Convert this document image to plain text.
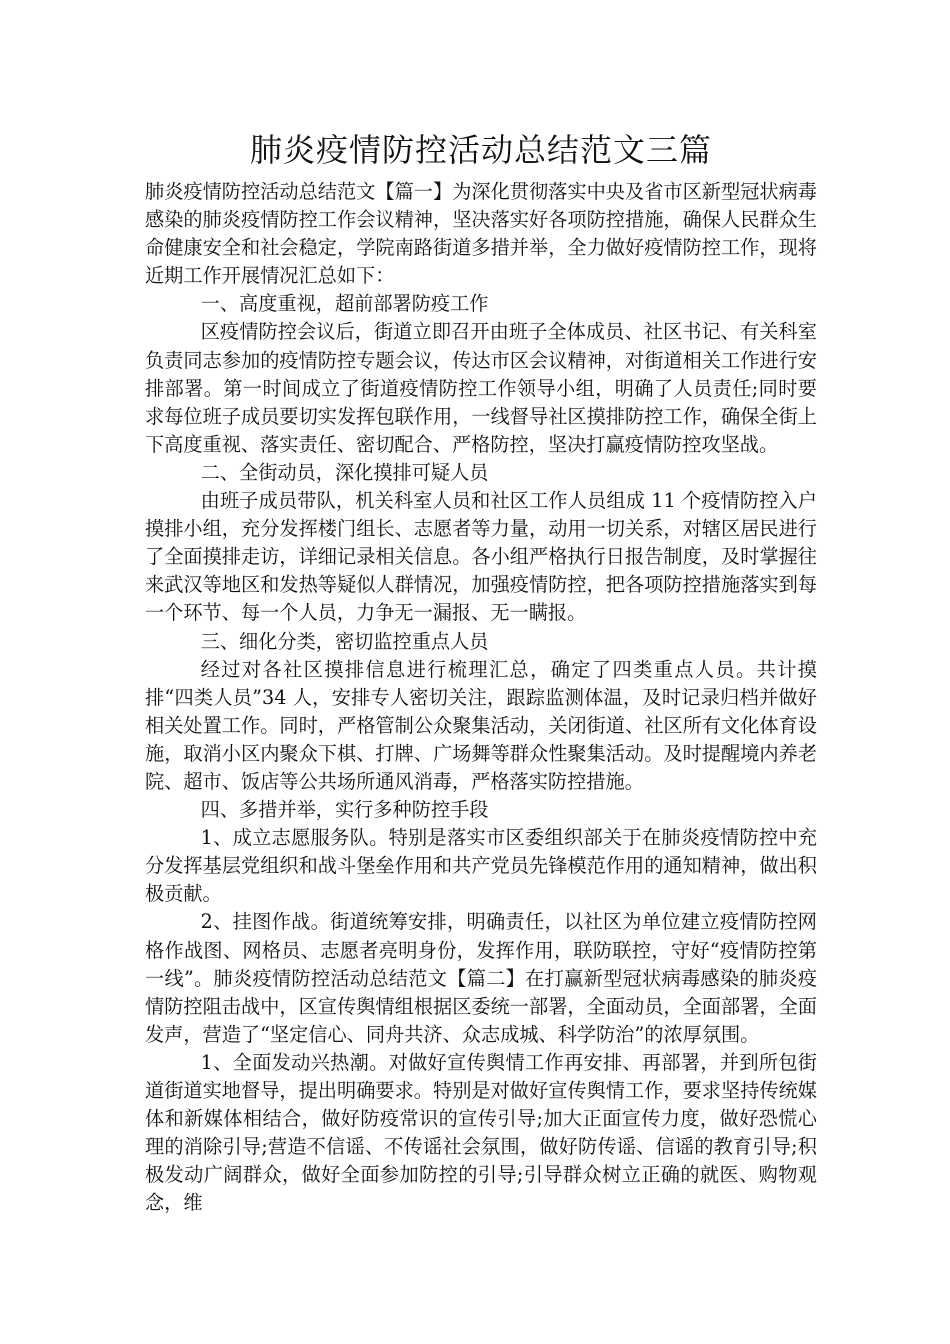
肺炎疫情防控活动总结范文三篇

肺炎疫情防控活动总结范文【篇一】为深化贯彻落实中央及省市区新型冠状病毒感染的肺炎疫情防控工作会议精神，坚决落实好各项防控措施，确保人民群众生命健康安全和社会稳定，学院南路街道多措并举，全力做好疫情防控工作，现将近期工作开展情况汇总如下：

一、高度重视，超前部署防疫工作

区疫情防控会议后，街道立即召开由班子全体成员、社区书记、有关科室负责同志参加的疫情防控专题会议，传达市区会议精神，对街道相关工作进行安排部署。第一时间成立了街道疫情防控工作领导小组，明确了人员责任;同时要求每位班子成员要切实发挥包联作用，一线督导社区摸排防控工作，确保全街上下高度重视、落实责任、密切配合、严格防控，坚决打赢疫情防控攻坚战。

二、全街动员，深化摸排可疑人员

由班子成员带队，机关科室人员和社区工作人员组成 11 个疫情防控入户摸排小组，充分发挥楼门组长、志愿者等力量，动用一切关系，对辖区居民进行了全面摸排走访，详细记录相关信息。各小组严格执行日报告制度，及时掌握往来武汉等地区和发热等疑似人群情况，加强疫情防控，把各项防控措施落实到每一个环节、每一个人员，力争无一漏报、无一瞒报。

三、细化分类，密切监控重点人员

经过对各社区摸排信息进行梳理汇总，确定了四类重点人员。共计摸排“四类人员”34 人，安排专人密切关注，跟踪监测体温，及时记录归档并做好相关处置工作。同时，严格管制公众聚集活动，关闭街道、社区所有文化体育设施，取消小区内聚众下棋、打牌、广场舞等群众性聚集活动。及时提醒境内养老院、超市、饭店等公共场所通风消毒，严格落实防控措施。

四、多措并举，实行多种防控手段

1、成立志愿服务队。特别是落实市区委组织部关于在肺炎疫情防控中充分发挥基层党组织和战斗堡垒作用和共产党员先锋模范作用的通知精神，做出积极贡献。

2、挂图作战。街道统筹安排，明确责任，以社区为单位建立疫情防控网格作战图、网格员、志愿者亮明身份，发挥作用，联防联控，守好“疫情防控第一线”。肺炎疫情防控活动总结范文【篇二】在打赢新型冠状病毒感染的肺炎疫情防控阻击战中，区宣传舆情组根据区委统一部署，全面动员，全面部署，全面发声，营造了“坚定信心、同舟共济、众志成城、科学防治”的浓厚氛围。

1、全面发动兴热潮。对做好宣传舆情工作再安排、再部署，并到所包街道街道实地督导，提出明确要求。特别是对做好宣传舆情工作，要求坚持传统媒体和新媒体相结合，做好防疫常识的宣传引导;加大正面宣传力度，做好恐慌心理的消除引导;营造不信谣、不传谣社会氛围，做好防传谣、信谣的教育引导;积极发动广阔群众，做好全面参加防控的引导;引导群众树立正确的就医、购物观念，维
